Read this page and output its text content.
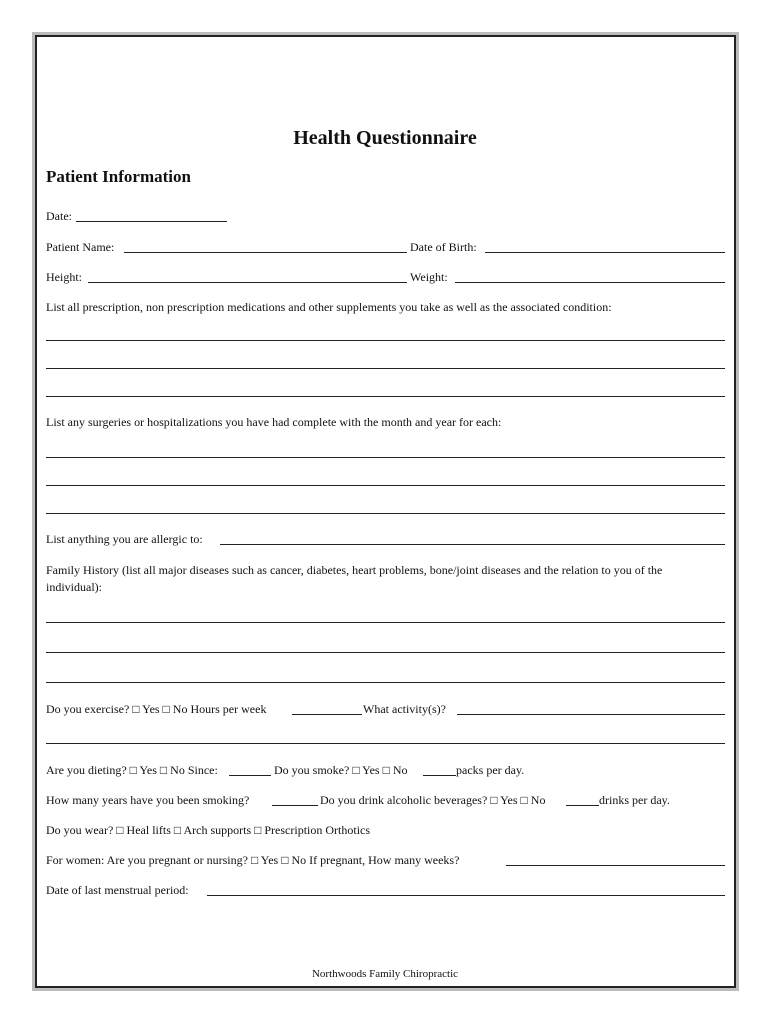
Health Questionnaire
Patient Information
Date:
Patient Name:	Date of Birth:
Height:	Weight:
List all prescription, non prescription medications and other supplements you take as well as the associated condition:
List any surgeries or hospitalizations you have had complete with the month and year for each:
List anything you are allergic to:
Family History (list all major diseases such as cancer, diabetes, heart problems, bone/joint diseases and the relation to you of the
individual):
Do you exercise? □ Yes □ No Hours per week	What activity(s)?
Are you dieting? □ Yes □ No Since:	Do you smoke? □ Yes □ No	packs per day.
How many years have you been smoking?	Do you drink alcoholic beverages? □ Yes □ No	drinks per day.
Do you wear? □ Heal lifts □ Arch supports □ Prescription Orthotics
For women: Are you pregnant or nursing? □ Yes □ No If pregnant, How many weeks?
Date of last menstrual period:
Northwoods Family Chiropractic
